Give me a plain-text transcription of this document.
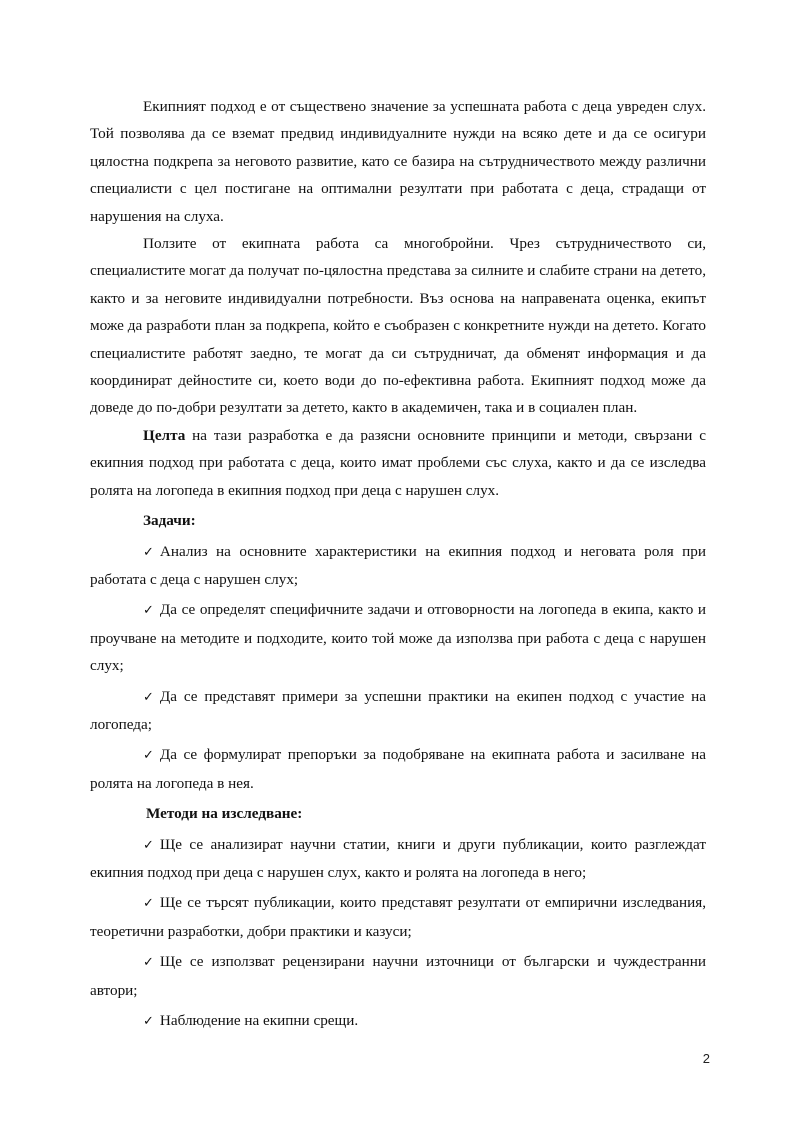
Екипният подход е от съществено значение за успешната работа с деца увреден слух. Той позволява да се вземат предвид индивидуалните нужди на всяко дете и да се осигури цялостна подкрепа за неговото развитие, като се базира на сътрудничеството между различни специалисти с цел постигане на оптимални резултати при работата с деца, страдащи от нарушения на слуха.

Ползите от екипната работа са многобройни. Чрез сътрудничеството си, специалистите могат да получат по-цялостна представа за силните и слабите страни на детето, както и за неговите индивидуални потребности. Въз основа на направената оценка, екипът може да разработи план за подкрепа, който е съобразен с конкретните нужди на детето. Когато специалистите работят заедно, те могат да си сътрудничат, да обменят информация и да координират дейностите си, което води до по-ефективна работа. Екипният подход може да доведе до по-добри резултати за детето, както в академичен, така и в социален план.

Целта на тази разработка е да разясни основните принципи и методи, свързани с екипния подход при работата с деца, които имат проблеми със слуха, както и да се изследва ролята на логопеда в екипния подход при деца с нарушен слух.

Задачи:

✓ Анализ на основните характеристики на екипния подход и неговата роля при работата с деца с нарушен слух;

✓ Да се определят специфичните задачи и отговорности на логопеда в екипа, както и проучване на методите и подходите, които той може да използва при работа с деца с нарушен слух;

✓ Да се представят примери за успешни практики на екипен подход с участие на логопеда;

✓ Да се формулират препоръки за подобряване на екипната работа и засилване на ролята на логопеда в нея.

Методи на изследване:

✓ Ще се анализират научни статии, книги и други публикации, които разглеждат екипния подход при деца с нарушен слух, както и ролята на логопеда в него;

✓ Ще се търсят публикации, които представят резултати от емпирични изследвания, теоретични разработки, добри практики и казуси;

✓ Ще се използват рецензирани научни източници от български и чуждестранни автори;

✓ Наблюдение на екипни срещи.

2
